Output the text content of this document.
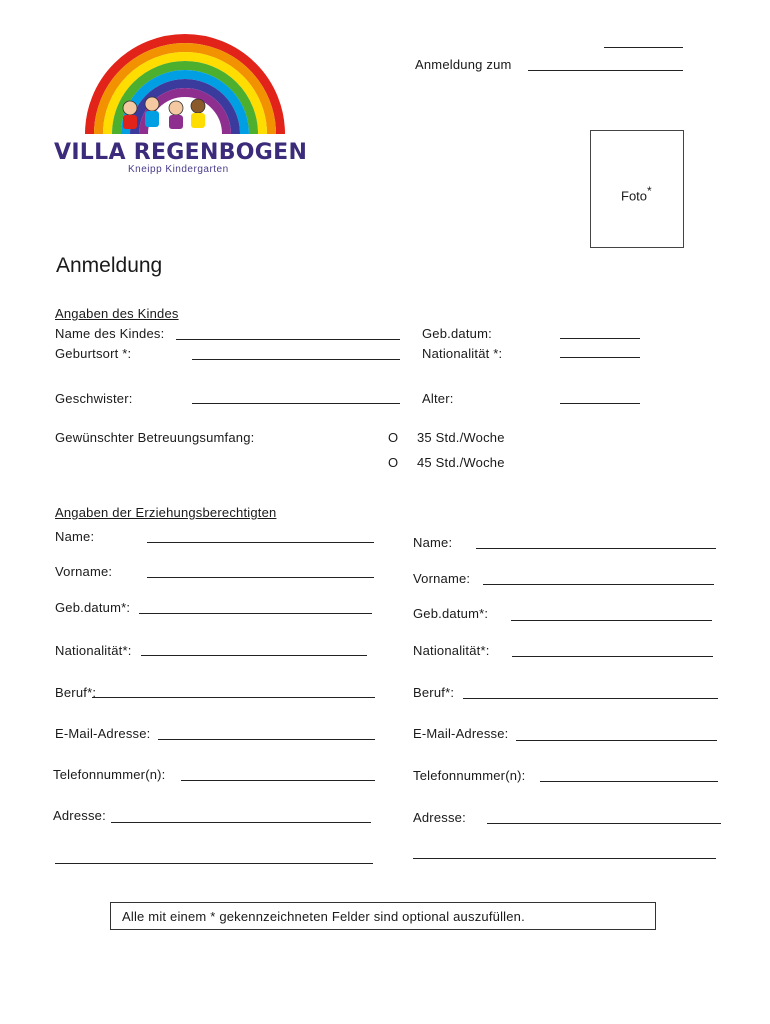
VILLA REGENBOGEN
Kneipp Kindergarten
Anmeldung zum
Foto*
Anmeldung
Angaben des Kindes
Name des Kindes:
Geburtsort *:
Geb.datum:
Nationalität *:
Geschwister:	Alter:
Gewünschter Betreuungsumfang:	O 35 Std./Woche
O 45 Std./Woche
Angaben der Erziehungsberechtigten
Name:
Vorname:
Geb.datum*:
Nationalität*:
Beruf*:
E-Mail-Adresse:
Telefonnummer(n):
Adresse:
Name:
Vorname:
Geb.datum*:
Nationalität*:
Beruf*:
E-Mail-Adresse:
Telefonnummer(n):
Adresse:
Alle mit einem * gekennzeichneten Felder sind optional auszufüllen.
